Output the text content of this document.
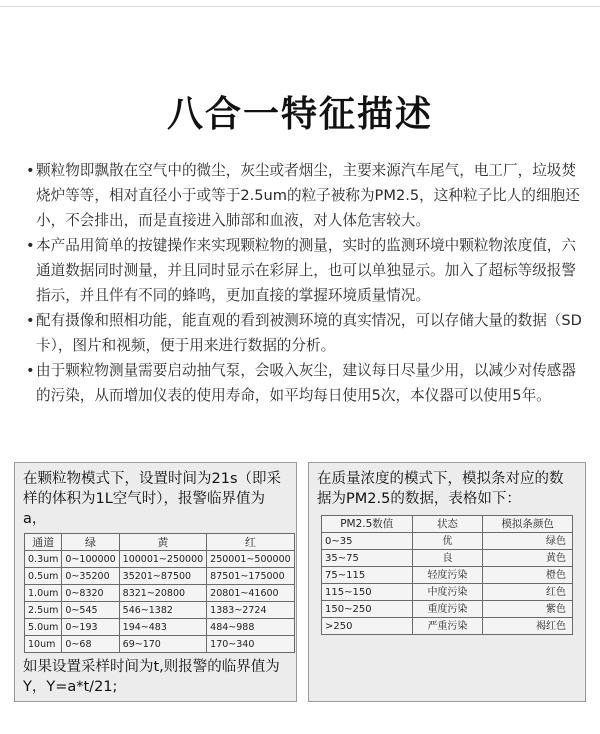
八合一特征描述

•颗粒物即飘散在空气中的微尘，灰尘或者烟尘，主要来源汽车尾气，电工厂，垃圾焚烧炉等等，相对直径小于或等于2.5um的粒子被称为PM2.5，这种粒子比人的细胞还小，不会排出，而是直接进入肺部和血液，对人体危害较大。

•本产品用简单的按键操作来实现颗粒物的测量，实时的监测环境中颗粒物浓度值，六通道数据同时测量，并且同时显示在彩屏上，也可以单独显示。加入了超标等级报警指示，并且伴有不同的蜂鸣，更加直接的掌握环境质量情况。

•配有摄像和照相功能，能直观的看到被测环境的真实情况，可以存储大量的数据（SD卡），图片和视频，便于用来进行数据的分析。

•由于颗粒物测量需要启动抽气泵，会吸入灰尘，建议每日尽量少用，以减少对传感器的污染，从而增加仪表的使用寿命，如平均每日使用5次，本仪器可以使用5年。

在颗粒物模式下，设置时间为21s（即采样的体积为1L空气时），报警临界值为a，
通道	绿	黄	红
0.3um	0~100000	100001~250000	250001~500000
0.5um	0~35200	35201~87500	87501~175000
1.0um	0~8320	8321~20800	20801~41600
2.5um	0~545	546~1382	1383~2724
5.0um	0~193	194~483	484~988
10um	0~68	69~170	170~340
如果设置采样时间为t,则报警的临界值为Y，Y=a*t/21;
在质量浓度的模式下，模拟条对应的数据为PM2.5的数据，表格如下：
PM2.5数值	状态	模拟条颜色
0~35	优	绿色
35~75	良	黄色
75~115	轻度污染	橙色
115~150	中度污染	红色
150~250	重度污染	紫色
>250	严重污染	褐红色
